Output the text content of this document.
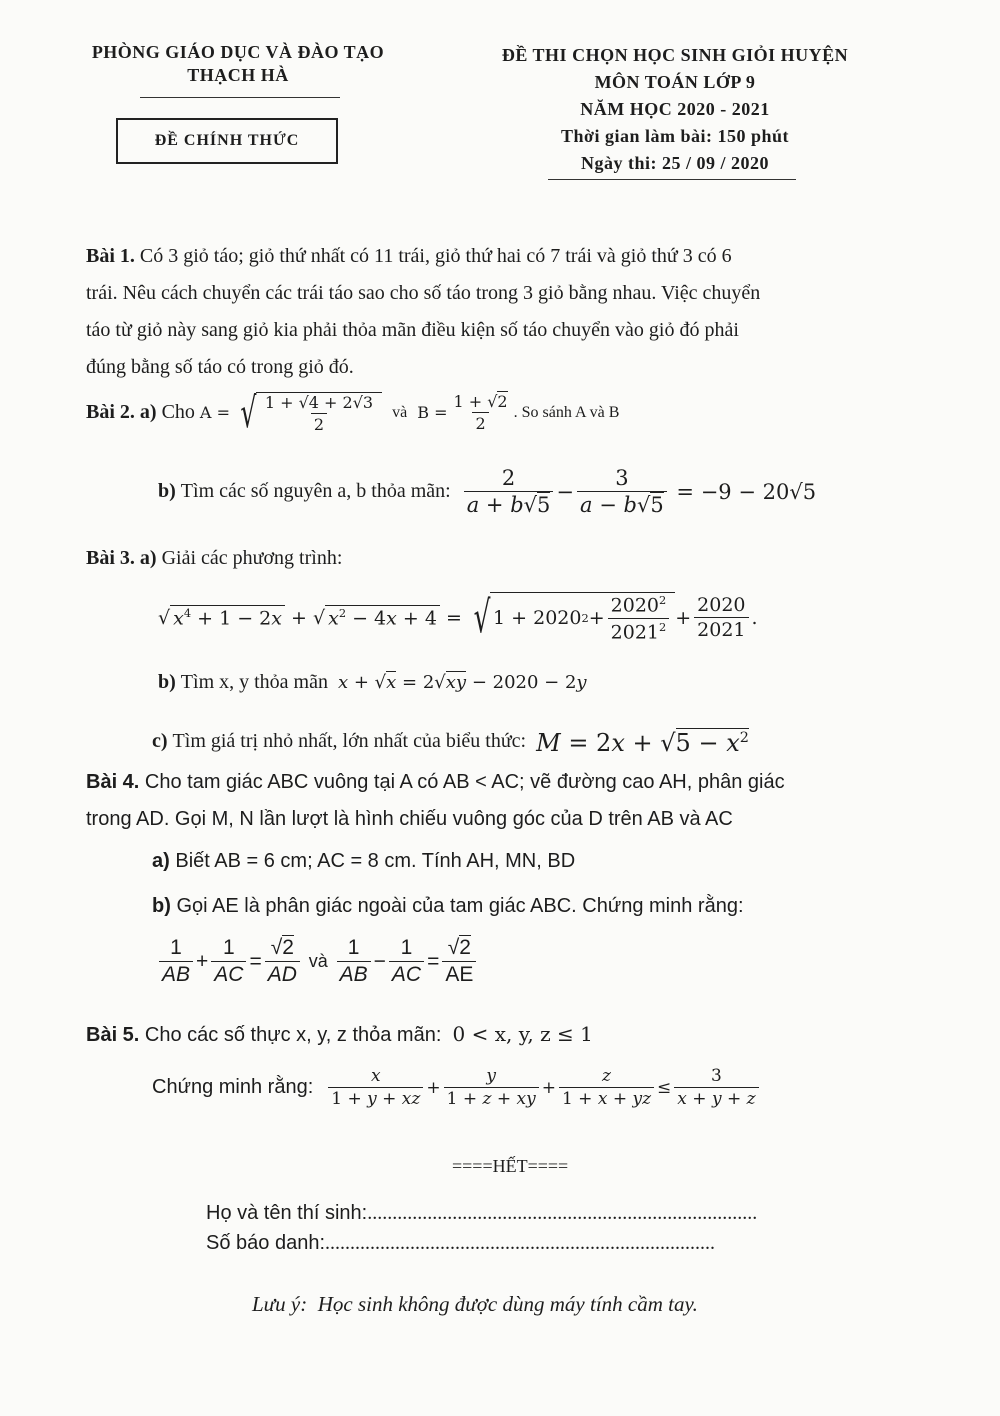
PHÒNG GIÁO DỤC VÀ ĐÀO TẠO
THẠCH HÀ
ĐỀ CHÍNH THỨC
ĐỀ THI CHỌN HỌC SINH GIỎI HUYỆN
MÔN TOÁN LỚP 9
NĂM HỌC 2020 - 2021
Thời gian làm bài: 150 phút
Ngày thi: 25 / 09 / 2020
Bài 1. Có 3 giỏ táo; giỏ thứ nhất có 11 trái, giỏ thứ hai có 7 trái và giỏ thứ 3 có 6
trái. Nêu cách chuyển các trái táo sao cho số táo trong 3 giỏ bằng nhau. Việc chuyển
táo từ giỏ này sang giỏ kia phải thỏa mãn điều kiện số táo chuyển vào giỏ đó phải
đúng bằng số táo có trong giỏ đó.
Bài 2.
a)
Cho
A = √ $\frac{1 + √4 + 2√3}{2}$
và
$B = \frac{1 + √2}{2}$ . So sánh A và B
b)
Tìm các số nguyên a, b thỏa mãn:
$\frac{2}{a + b√5} - \frac{3}{a - b√5}$
= −9 − 20√5
Bài 3. a) Giải các phương trình:
√ $x^4 + 1 - 2x$ + √ $x^2 - 4x + 4$ = √ 1 + 2020 $2 + \frac{2020^2}{2021^2} + \frac{2020}{2021}$ .
b)
Tìm x, y thỏa mãn
x + √x = 2√xy − 2020 − 2y
c)
Tìm giá trị nhỏ nhất, lớn nhất của biểu thức:
$M = 2x + √5 - x^2$
Bài 4. Cho tam giác ABC vuông tại A có AB < AC; vẽ đường cao AH, phân giác
trong AD. Gọi M, N lần lượt là hình chiếu vuông góc của D trên AB và AC
a) Biết AB = 6 cm; AC = 8 cm. Tính AH, MN, BD
b) Gọi AE là phân giác ngoài của tam giác ABC. Chứng minh rằng:
$\frac{1}{AB} + \frac{1}{AC} = \frac{√2}{AD}$
và
$\frac{1}{AB} - \frac{1}{AC} = \frac{√2}{AE}$
Bài 5. Cho các số thực x, y, z thỏa mãn: 0 < x, y, z ≤ 1
Chứng minh rằng:
$\frac{x}{1 + y + xz} + \frac{y}{1 + z + xy} + \frac{z}{1 + x + yz} \le \frac{3}{x + y + z}$
====HẾT====
Họ và tên thí sinh:..............................................................................
Số báo danh:..............................................................................
Lưu ý: Học sinh không được dùng máy tính cầm tay.
